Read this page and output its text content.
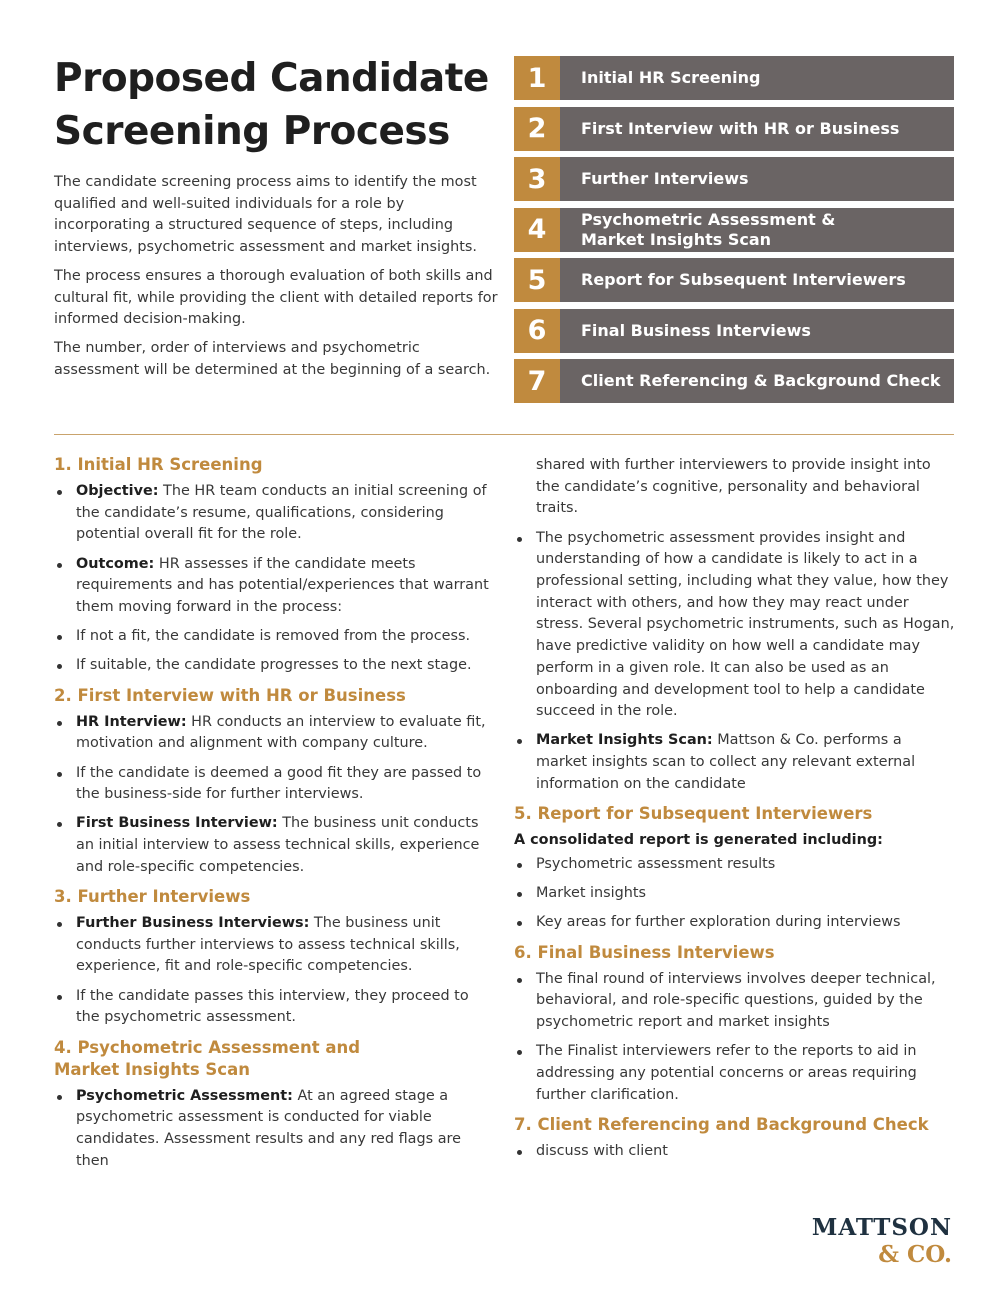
Proposed Candidate
Screening Process

The candidate screening process aims to identify the most qualified and well-suited individuals for a role by incorporating a structured sequence of steps, including interviews, psychometric assessment and market insights.

The process ensures a thorough evaluation of both skills and cultural fit, while providing the client with detailed reports for informed decision-making.

The number, order of interviews and psychometric assessment will be determined at the beginning of a search.

1	Initial HR Screening
2	First Interview with HR or Business
3	Further Interviews
4	Psychometric Assessment &
Market Insights Scan
5	Report for Subsequent Interviewers
6	Final Business Interviews
7	Client Referencing & Background Check
1. Initial HR Screening
Objective: The HR team conducts an initial screening of the candidate’s resume, qualifications, considering potential overall fit for the role.
Outcome: HR assesses if the candidate meets requirements and has potential/experiences that warrant them moving forward in the process:
If not a fit, the candidate is removed from the process.
If suitable, the candidate progresses to the next stage.
2. First Interview with HR or Business
HR Interview: HR conducts an interview to evaluate fit, motivation and alignment with company culture.
If the candidate is deemed a good fit they are passed to the business-side for further interviews.
First Business Interview: The business unit conducts an initial interview to assess technical skills, experience and role-specific competencies.
3. Further Interviews
Further Business Interviews: The business unit conducts further interviews to assess technical skills, experience, fit and role-specific competencies.
If the candidate passes this interview, they proceed to the psychometric assessment.
4. Psychometric Assessment and
Market Insights Scan
Psychometric Assessment: At an agreed stage a psychometric assessment is conducted for viable candidates. Assessment results and any red flags are then
shared with further interviewers to provide insight into the candidate’s cognitive, personality and behavioral traits.
The psychometric assessment provides insight and understanding of how a candidate is likely to act in a professional setting, including what they value, how they interact with others, and how they may react under stress. Several psychometric instruments, such as Hogan, have predictive validity on how well a candidate may perform in a given role. It can also be used as an onboarding and development tool to help a candidate succeed in the role.
Market Insights Scan: Mattson & Co. performs a market insights scan to collect any relevant external information on the candidate
5. Report for Subsequent Interviewers
A consolidated report is generated including:
Psychometric assessment results
Market insights
Key areas for further exploration during interviews
6. Final Business Interviews
The final round of interviews involves deeper technical, behavioral, and role-specific questions, guided by the psychometric report and market insights
The Finalist interviewers refer to the reports to aid in addressing any potential concerns or areas requiring further clarification.
7. Client Referencing and Background Check
discuss with client
MATTSON
& CO.
